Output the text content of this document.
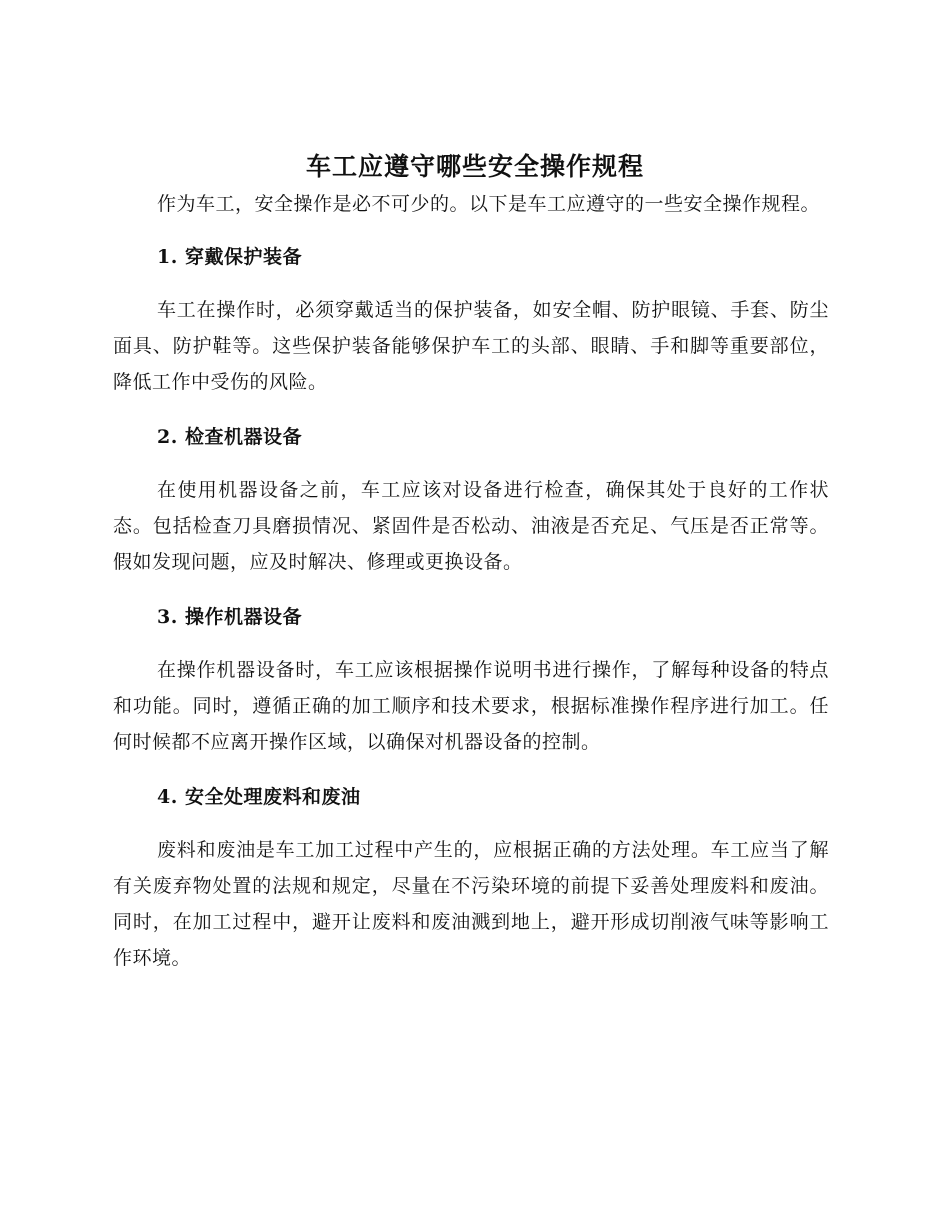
车工应遵守哪些安全操作规程

作为车工，安全操作是必不可少的。以下是车工应遵守的一些安全操作规程。

1. 穿戴保护装备

车工在操作时，必须穿戴适当的保护装备，如安全帽、防护眼镜、手套、防尘面具、防护鞋等。这些保护装备能够保护车工的头部、眼睛、手和脚等重要部位，降低工作中受伤的风险。

2. 检查机器设备

在使用机器设备之前，车工应该对设备进行检查，确保其处于良好的工作状态。包括检查刀具磨损情况、紧固件是否松动、油液是否充足、气压是否正常等。假如发现问题，应及时解决、修理或更换设备。

3. 操作机器设备

在操作机器设备时，车工应该根据操作说明书进行操作，了解每种设备的特点和功能。同时，遵循正确的加工顺序和技术要求，根据标准操作程序进行加工。任何时候都不应离开操作区域，以确保对机器设备的控制。

4. 安全处理废料和废油

废料和废油是车工加工过程中产生的，应根据正确的方法处理。车工应当了解有关废弃物处置的法规和规定，尽量在不污染环境的前提下妥善处理废料和废油。同时，在加工过程中，避开让废料和废油溅到地上，避开形成切削液气味等影响工作环境。
